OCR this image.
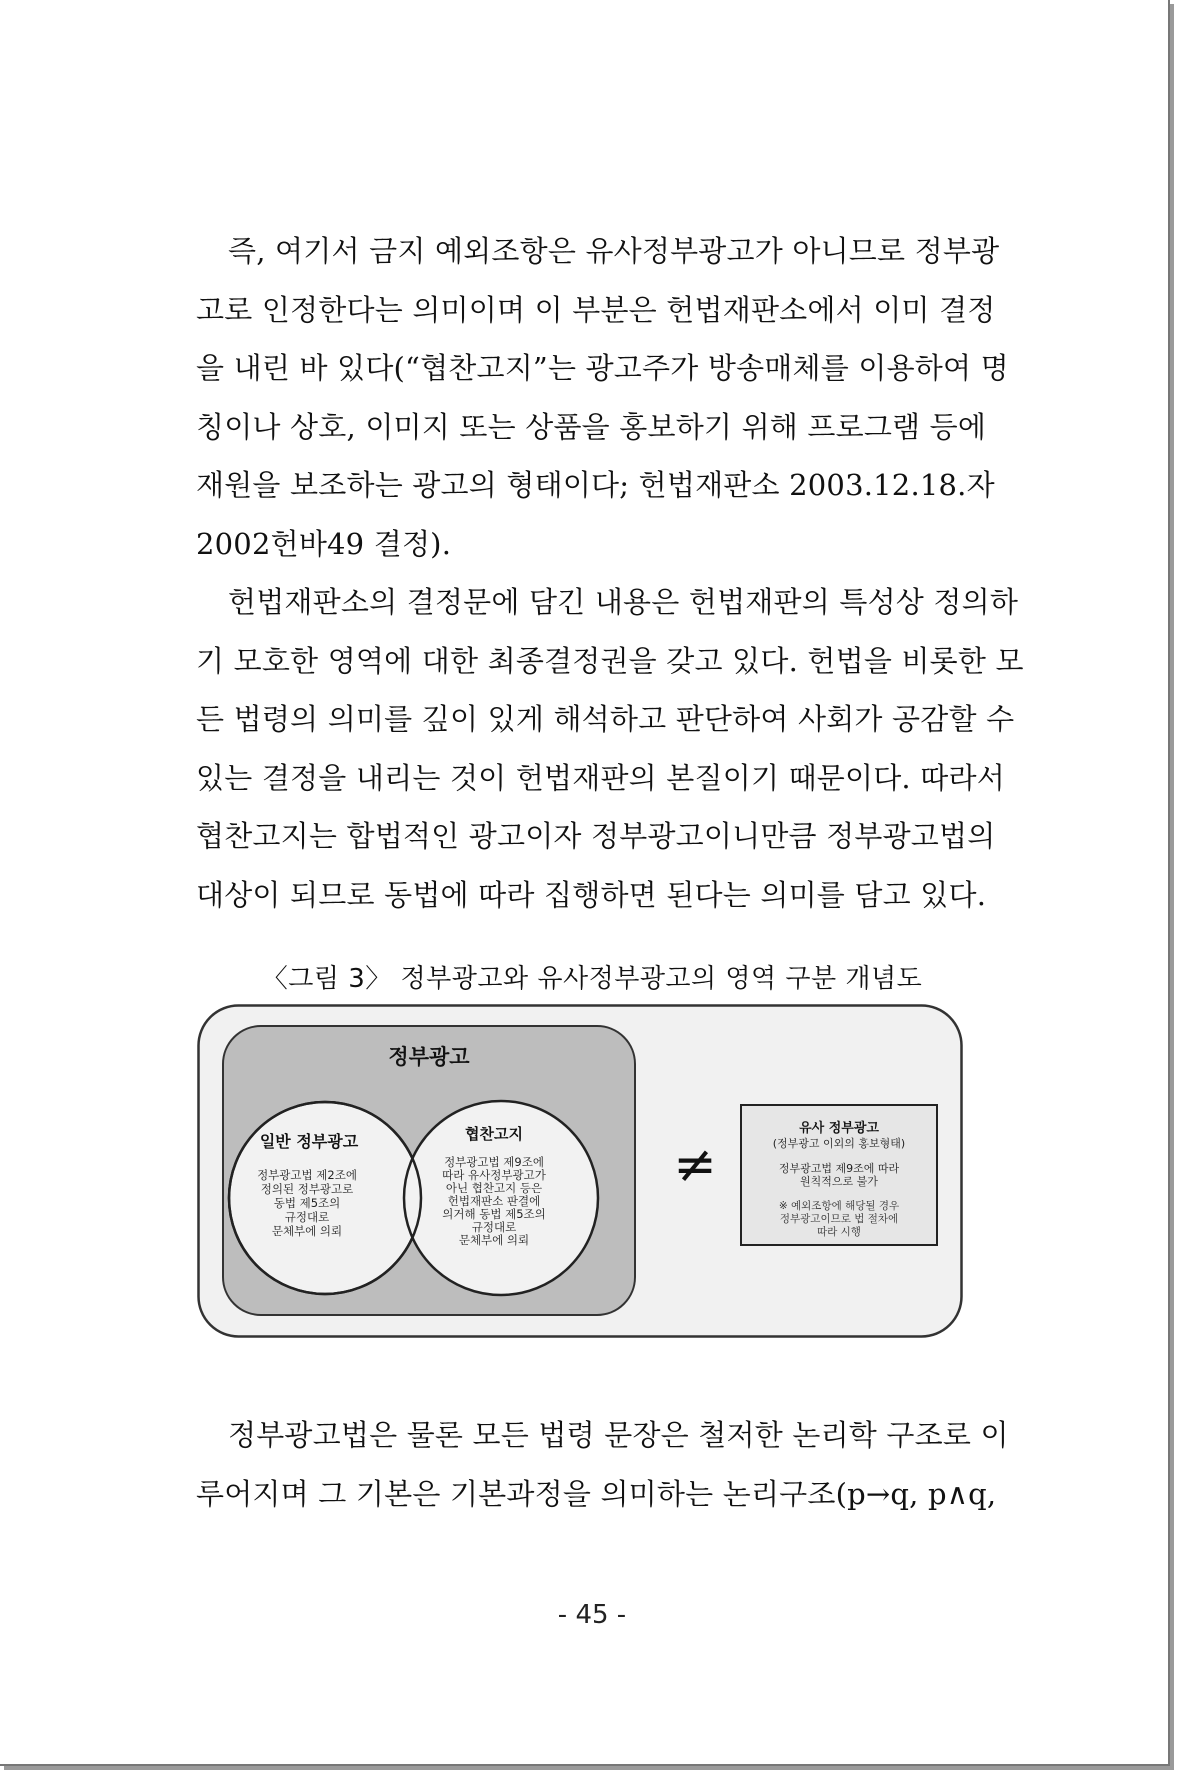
즉, 여기서 금지 예외조항은 유사정부광고가 아니므로 정부광
고로 인정한다는 의미이며 이 부분은 헌법재판소에서 이미 결정
을 내린 바 있다(“협찬고지”는 광고주가 방송매체를 이용하여 명
칭이나 상호, 이미지 또는 상품을 홍보하기 위해 프로그램 등에
재원을 보조하는 광고의 형태이다; 헌법재판소 2003.12.18.자
2002헌바49 결정).

헌법재판소의 결정문에 담긴 내용은 헌법재판의 특성상 정의하
기 모호한 영역에 대한 최종결정권을 갖고 있다. 헌법을 비롯한 모
든 법령의 의미를 깊이 있게 해석하고 판단하여 사회가 공감할 수
있는 결정을 내리는 것이 헌법재판의 본질이기 때문이다. 따라서
협찬고지는 합법적인 광고이자 정부광고이니만큼 정부광고법의
대상이 되므로 동법에 따라 집행하면 된다는 의미를 담고 있다.

〈그림 3〉 정부광고와 유사정부광고의 영역 구분 개념도
정부광고
일반 정부광고
정부광고법 제2조에
정의된 정부광고로
동법 제5조의
규정대로
문체부에 의뢰
협찬고지
정부광고법 제9조에
따라 유사정부광고가
아닌 협찬고지 등은
헌법재판소 판결에
의거해 동법 제5조의
규정대로
문체부에 의뢰
≠
유사 정부광고
(정부광고 이외의 홍보형태)
정부광고법 제9조에 따라
원칙적으로 불가
※ 예외조항에 해당될 경우
정부광고이므로 법 절차에
따라 시행

정부광고법은 물론 모든 법령 문장은 철저한 논리학 구조로 이
루어지며 그 기본은 기본과정을 의미하는 논리구조(p→q, p∧q,

- 45 -
